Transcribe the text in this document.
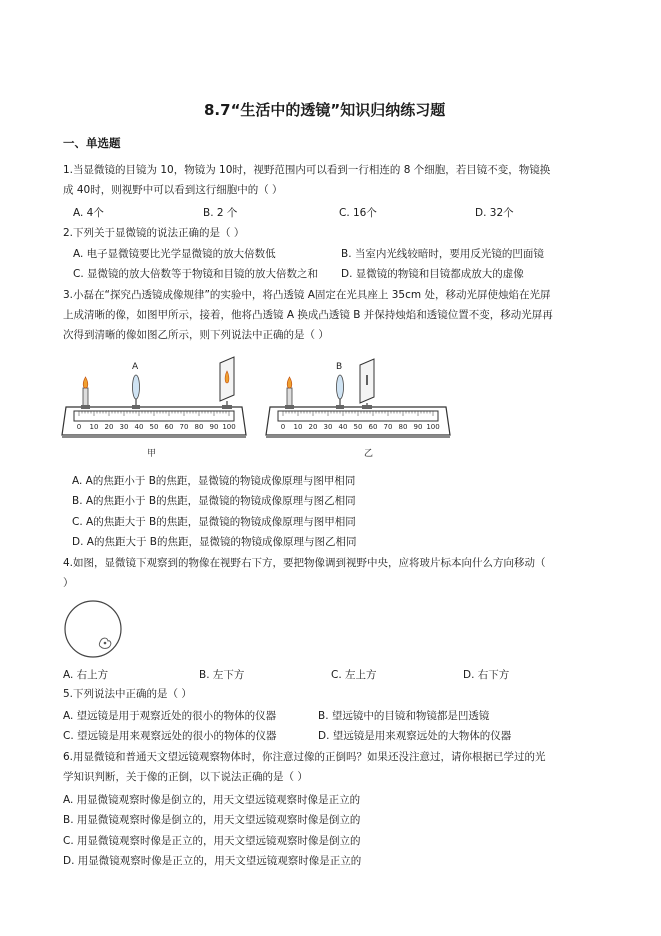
8.7“生活中的透镜”知识归纳练习题
一、单选题
1.当显微镜的目镜为 10，物镜为 10时，视野范围内可以看到一行相连的 8 个细胞，若目镜不变，物镜换
成 40时，则视野中可以看到这行细胞中的（ ）
A. 4个	B. 2 个	C. 16个	D. 32个
2.下列关于显微镜的说法正确的是（ ）
A. 电子显微镜要比光学显微镜的放大倍数低	B. 当室内光线较暗时，要用反光镜的凹面镜
C. 显微镜的放大倍数等于物镜和目镜的放大倍数之和 D. 显微镜的物镜和目镜都成放大的虚像
3.小磊在“探究凸透镜成像规律”的实验中，将凸透镜 A固定在光具座上 35cm 处，移动光屏使烛焰在光屏
上成清晰的像，如图甲所示，接着，他将凸透镜 A 换成凸透镜 B 并保持烛焰和透镜位置不变，移动光屏再
次得到清晰的像如图乙所示，则下列说法中正确的是（ ）
0 10 20 30 40 50 60 70 80 90 100
A
0 10 20 30 40 50 60 70 80 90 100
B
甲	乙
A. A的焦距小于 B的焦距，显微镜的物镜成像原理与图甲相同
B. A的焦距小于 B的焦距，显微镜的物镜成像原理与图乙相同
C. A的焦距大于 B的焦距，显微镜的物镜成像原理与图甲相同
D. A的焦距大于 B的焦距，显微镜的物镜成像原理与图乙相同
4.如图，显微镜下观察到的物像在视野右下方，要把物像调到视野中央，应将玻片标本向什么方向移动（
）
A. 右上方	B. 左下方	C. 左上方	D. 右下方
5.下列说法中正确的是（ ）
A. 望远镜是用于观察近处的很小的物体的仪器	B. 望远镜中的目镜和物镜都是凹透镜
C. 望远镜是用来观察远处的很小的物体的仪器	D. 望远镜是用来观察远处的大物体的仪器
6.用显微镜和普通天文望远镜观察物体时，你注意过像的正倒吗？如果还没注意过，请你根据已学过的光
学知识判断，关于像的正倒，以下说法正确的是（ ）
A. 用显微镜观察时像是倒立的，用天文望远镜观察时像是正立的
B. 用显微镜观察时像是倒立的，用天文望远镜观察时像是倒立的
C. 用显微镜观察时像是正立的，用天文望远镜观察时像是倒立的
D. 用显微镜观察时像是正立的，用天文望远镜观察时像是正立的
